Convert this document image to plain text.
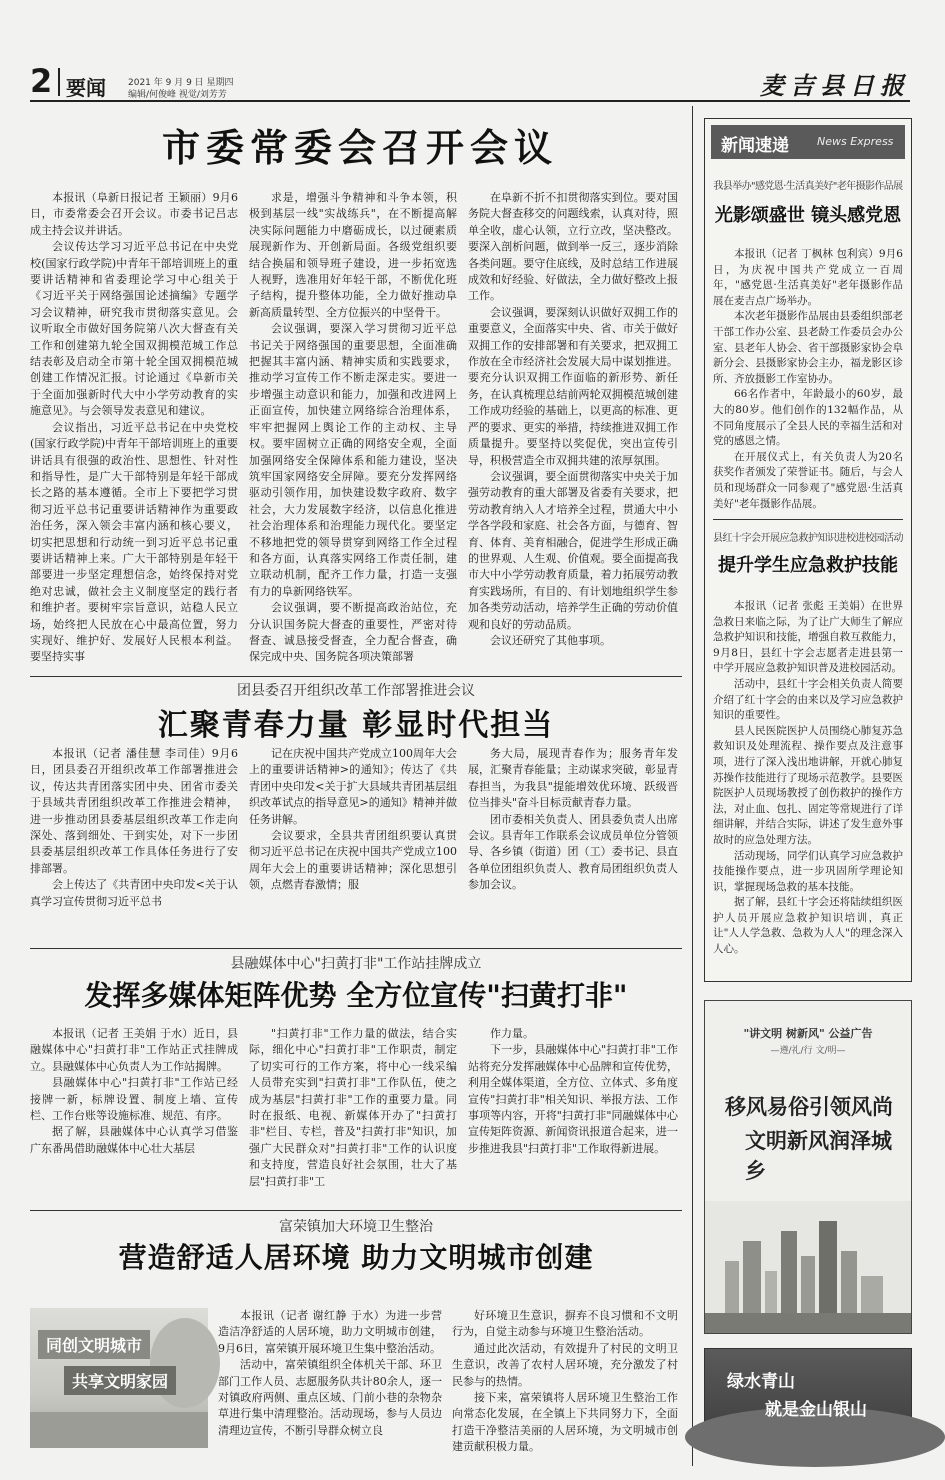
2 要闻 2021 年 9 月 9 日 星期四
编辑/何俊峰 视觉/刘芳芳	麦吉县日报
市委常委会召开会议

本报讯（阜新日报记者 王颖丽）9月6日，市委常委会召开会议。市委书记吕志成主持会议并讲话。

会议传达学习习近平总书记在中央党校(国家行政学院)中青年干部培训班上的重要讲话精神和省委理论学习中心组关于《习近平关于网络强国论述摘编》专题学习会议精神，研究我市贯彻落实意见。会议听取全市做好国务院第八次大督查有关工作和创建第九轮全国双拥模范城工作总结表彰及启动全市第十轮全国双拥模范城创建工作情况汇报。讨论通过《阜新市关于全面加强新时代大中小学劳动教育的实施意见》。与会领导发表意见和建议。

会议指出，习近平总书记在中央党校(国家行政学院)中青年干部培训班上的重要讲话具有很强的政治性、思想性、针对性和指导性，是广大干部特别是年轻干部成长之路的基本遵循。全市上下要把学习贯彻习近平总书记重要讲话精神作为重要政治任务，深入领会丰富内涵和核心要义，切实把思想和行动统一到习近平总书记重要讲话精神上来。广大干部特别是年轻干部要进一步坚定理想信念，始终保持对党绝对忠诚，做社会主义制度坚定的践行者和维护者。要树牢宗旨意识，站稳人民立场，始终把人民放在心中最高位置，努力实现好、维护好、发展好人民根本利益。要坚持实事

求是，增强斗争精神和斗争本领，积极到基层一线"实战练兵"，在不断提高解决实际问题能力中磨砺成长，以过硬素质展现新作为、开创新局面。各级党组织要结合换届和领导班子建设，进一步拓宽选人视野，选准用好年轻干部，不断优化班子结构，提升整体功能，全力做好推动阜新高质量转型、全方位振兴的中坚骨干。

会议强调，要深入学习贯彻习近平总书记关于网络强国的重要思想，全面准确把握其丰富内涵、精神实质和实践要求，推动学习宣传工作不断走深走实。要进一步增强主动意识和能力，加强和改进网上正面宣传，加快建立网络综合治理体系，牢牢把握网上舆论工作的主动权、主导权。要牢固树立正确的网络安全观，全面加强网络安全保障体系和能力建设，坚决筑牢国家网络安全屏障。要充分发挥网络驱动引领作用，加快建设数字政府、数字社会，大力发展数字经济，以信息化推进社会治理体系和治理能力现代化。要坚定不移地把党的领导贯穿到网络工作全过程和各方面，认真落实网络工作责任制，建立联动机制，配齐工作力量，打造一支强有力的阜新网络铁军。

会议强调，要不断提高政治站位，充分认识国务院大督查的重要性，严密对待督查、诚恳接受督查，全力配合督查，确保完成中央、国务院各项决策部署

在阜新不折不扣贯彻落实到位。要对国务院大督查移交的问题线索，认真对待，照单全收，虚心认领，立行立改，坚决整改。要深入剖析问题，做到举一反三，逐步消除各类问题。要守住底线，及时总结工作进展成效和好经验、好做法，全力做好整改上报工作。

会议强调，要深刻认识做好双拥工作的重要意义，全面落实中央、省、市关于做好双拥工作的安排部署和有关要求，把双拥工作放在全市经济社会发展大局中谋划推进。要充分认识双拥工作面临的新形势、新任务，在认真梳理总结前两轮双拥模范城创建工作成功经验的基础上，以更高的标准、更严的要求、更实的举措，持续推进双拥工作质量提升。要坚持以奖促优，突出宣传引导，积极营造全市双拥共建的浓厚氛围。

会议强调，要全面贯彻落实中央关于加强劳动教育的重大部署及省委有关要求，把劳动教育纳入人才培养全过程，贯通大中小学各学段和家庭、社会各方面，与德育、智育、体育、美育相融合，促进学生形成正确的世界观、人生观、价值观。要全面提高我市大中小学劳动教育质量，着力拓展劳动教育实践场所，有目的、有计划地组织学生参加各类劳动活动，培养学生正确的劳动价值观和良好的劳动品质。

会议还研究了其他事项。

团县委召开组织改革工作部署推进会议
汇聚青春力量 彰显时代担当

本报讯（记者 潘佳慧 李司佳）9月6日，团县委召开组织改革工作部署推进会议，传达共青团落实团中央、团省市委关于县域共青团组织改革工作推进会精神，进一步推动团县委基层组织改革工作走向深处、落到细处、干到实处，对下一步团县委基层组织改革工作具体任务进行了安排部署。

会上传达了《共青团中央印发<关于认真学习宣传贯彻习近平总书

记在庆祝中国共产党成立100周年大会上的重要讲话精神>的通知》；传达了《共青团中央印发<关于扩大县域共青团基层组织改革试点的指导意见>的通知》精神并做任务讲解。

会议要求，全县共青团组织要认真贯彻习近平总书记在庆祝中国共产党成立100周年大会上的重要讲话精神；深化思想引领，点燃青春激情；服

务大局，展现青春作为；服务青年发展，汇聚青春能量；主动谋求突破，彰显青春担当，为我县"提能增效优环境、跃级晋位当排头"奋斗目标贡献青春力量。

团市委相关负责人、团县委负责人出席会议。县青年工作联系会议成员单位分管领导、各乡镇（街道）团（工）委书记、县直各单位团组织负责人、教育局团组织负责人参加会议。

县融媒体中心"扫黄打非"工作站挂牌成立
发挥多媒体矩阵优势 全方位宣传"扫黄打非"

本报讯（记者 王美娟 于水）近日，县融媒体中心"扫黄打非"工作站正式挂牌成立。县融媒体中心负责人为工作站揭牌。

县融媒体中心"扫黄打非"工作站已经接牌一新，标牌设置、制度上墙、宣传栏、工作台账等设施标准、规范、有序。

据了解，县融媒体中心认真学习借鉴广东番禺借助融媒体中心壮大基层

"扫黄打非"工作力量的做法，结合实际，细化中心"扫黄打非"工作职责，制定了切实可行的工作方案，将中心一线采编人员带充实到"扫黄打非"工作队伍，使之成为基层"扫黄打非"工作的重要力量。同时在报纸、电视、新媒体开办了"扫黄打非"栏目、专栏，普及"扫黄打非"知识，加强广大民群众对"扫黄打非"工作的认识度和支持度，营造良好社会氛围，壮大了基层"扫黄打非"工

作力量。

下一步，县融媒体中心"扫黄打非"工作站将充分发挥融媒体中心品牌和宣传优势，利用全媒体渠道，全方位、立体式、多角度宣传"扫黄打非"相关知识、举报方法、工作事项等内容，开将"扫黄打非"同融媒体中心宣传矩阵资源、新闻资讯报道合起来，进一步推进我县"扫黄打非"工作取得新进展。

富荣镇加大环境卫生整治
营造舒适人居环境 助力文明城市创建
同创文明城市
共享文明家园

本报讯（记者 谢红静 于水）为进一步营造洁净舒适的人居环境，助力文明城市创建，9月6日，富荣镇开展环境卫生集中整治活动。

活动中，富荣镇组织全体机关干部、环卫部门工作人员、志愿服务队共计80余人，逐一对镇政府两侧、重点区域、门前小巷的杂物杂草进行集中清理整治。活动现场，参与人员边清理边宣传，不断引导群众树立良

好环境卫生意识，摒弃不良习惯和不文明行为，自觉主动参与环境卫生整治活动。

通过此次活动，有效提升了村民的文明卫生意识，改善了农村人居环境，充分激发了村民参与的热情。

接下来，富荣镇将人居环境卫生整治工作向常态化发展，在全镇上下共同努力下，全面打造干净整洁美丽的人居环境，为文明城市创建贡献积极力量。

新闻速递	News Express
我县举办"感党恩·生活真美好"老年摄影作品展
光影颂盛世 镜头感党恩

本报讯（记者 丁枫林 包利宾）9月6日，为庆祝中国共产党成立一百周年，"感党恩·生活真美好"老年摄影作品展在麦吉点广场举办。

本次老年摄影作品展由县委组织部老干部工作办公室、县老龄工作委员会办公室、县老年人协会、省干部摄影家协会阜新分会、县摄影家协会主办，福龙影区诊所、齐放摄影工作室协办。

66名作者中，年龄最小的60岁，最大的80岁。他们创作的132幅作品，从不同角度展示了全县人民的幸福生活和对党的感恩之情。

在开展仪式上，有关负责人为20名获奖作者颁发了荣誉证书。随后，与会人员和现场群众一同参观了"感党恩·生活真美好"老年摄影作品展。

县红十字会开展应急救护知识进校进校园活动
提升学生应急救护技能

本报讯（记者 张彪 王美娟）在世界急救日来临之际，为了让广大师生了解应急救护知识和技能，增强自救互救能力，9月8日，县红十字会志愿者走进县第一中学开展应急救护知识普及进校园活动。

活动中，县红十字会相关负责人简要介绍了红十字会的由来以及学习应急救护知识的重要性。

县人民医院医护人员围绕心肺复苏急救知识及处理流程、操作要点及注意事项，进行了深入浅出地讲解，开就心肺复苏操作技能进行了现场示范教学。县要医院医护人员现场教授了创伤救护的操作方法，对止血、包扎、固定等常规进行了详细讲解，并结合实际，讲述了发生意外事故时的应急处理方法。

活动现场，同学们认真学习应急救护技能操作要点，进一步巩固所学理论知识，掌握现场急救的基本技能。

据了解，县红十字会还将陆续组织医护人员开展应急救护知识培训，真正让"人人学急救、急救为人人"的理念深入人心。

"讲文明 树新风" 公益广告
—遵/礼/行 文/明—
移风易俗引领风尚
文明新风润泽城乡
绿水青山
就是金山银山
